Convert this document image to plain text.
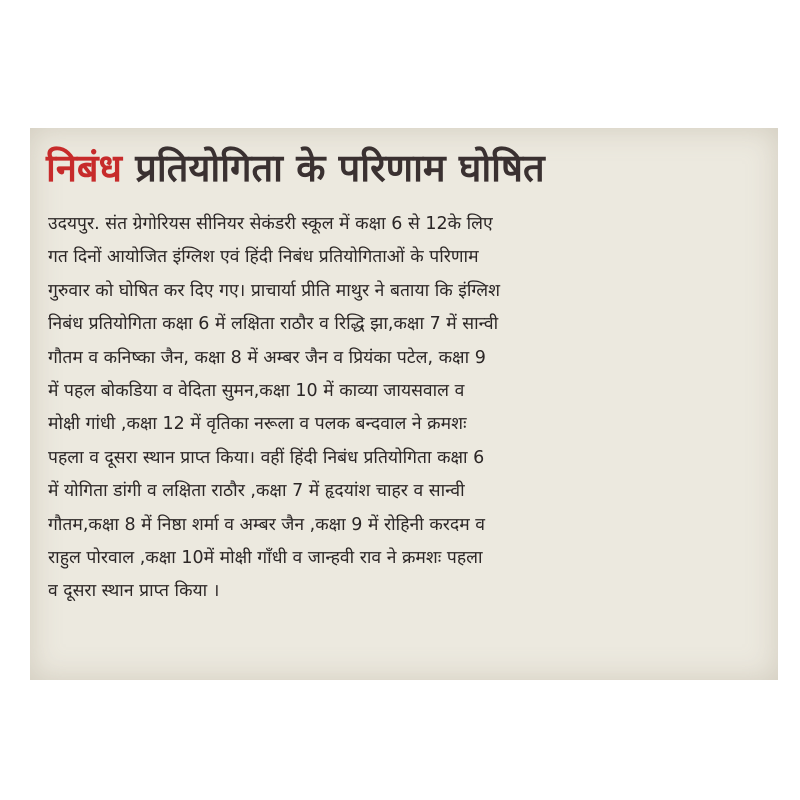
निबंध प्रतियोगिता के परिणाम घोषित
उदयपुर. संत ग्रेगोरियस सीनियर सेकंडरी स्कूल में कक्षा 6 से 12के लिए
गत दिनों आयोजित इंग्लिश एवं हिंदी निबंध प्रतियोगिताओं के परिणाम
गुरुवार को घोषित कर दिए गए। प्राचार्या प्रीति माथुर ने बताया कि इंग्लिश
निबंध प्रतियोगिता कक्षा 6 में लक्षिता राठौर व रिद्धि झा,कक्षा 7 में सान्वी
गौतम व कनिष्का जैन, कक्षा 8 में अम्बर जैन व प्रियंका पटेल, कक्षा 9
में पहल बोकडिया व वेदिता सुमन,कक्षा 10 में काव्या जायसवाल व
मोक्षी गांधी ,कक्षा 12 में वृतिका नरूला व पलक बन्दवाल ने क्रमशः
पहला व दूसरा स्थान प्राप्त किया। वहीं हिंदी निबंध प्रतियोगिता कक्षा 6
में योगिता डांगी व लक्षिता राठौर ,कक्षा 7 में हृदयांश चाहर व सान्वी
गौतम,कक्षा 8 में निष्ठा शर्मा व अम्बर जैन ,कक्षा 9 में रोहिनी करदम व
राहुल पोरवाल ,कक्षा 10में मोक्षी गाँधी व जान्हवी राव ने क्रमशः पहला
व दूसरा स्थान प्राप्त किया ।
